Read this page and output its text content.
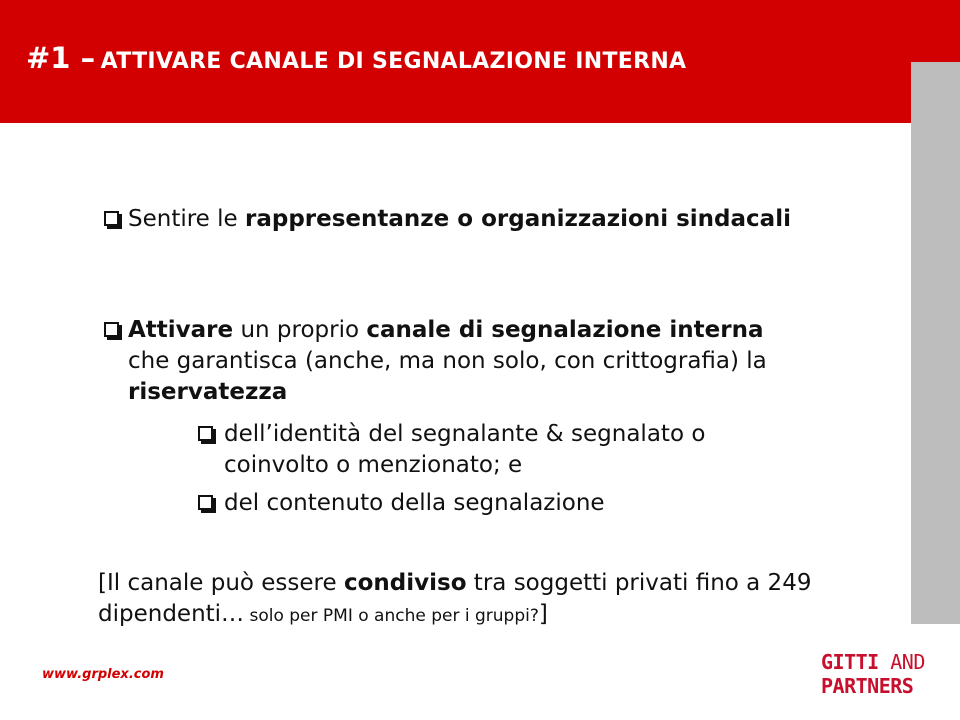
#1 – ATTIVARE CANALE DI SEGNALAZIONE INTERNA
Sentire le rappresentanze o organizzazioni sindacali
Attivare un proprio canale di segnalazione interna che garantisca (anche, ma non solo, con crittografia) la riservatezza
dell’identità del segnalante & segnalato o coinvolto o menzionato; e
del contenuto della segnalazione
[Il canale può essere condiviso tra soggetti privati fino a 249 dipendenti… solo per PMI o anche per i gruppi?]
www.grplex.com
GITTI AND
PARTNERS
